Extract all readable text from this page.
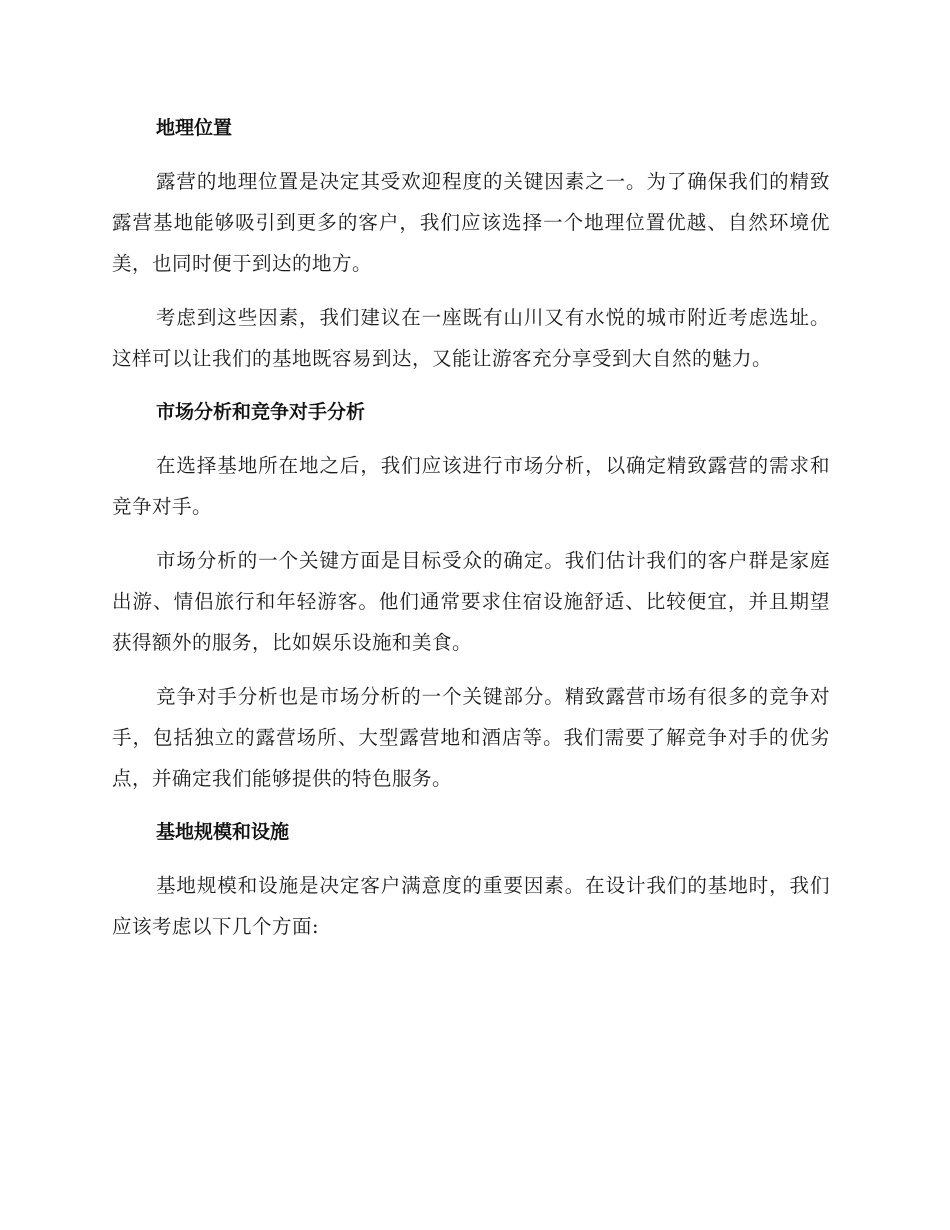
地理位置

露营的地理位置是决定其受欢迎程度的关键因素之一。为了确保我们的精致露营基地能够吸引到更多的客户，我们应该选择一个地理位置优越、自然环境优美，也同时便于到达的地方。

考虑到这些因素，我们建议在一座既有山川又有水悦的城市附近考虑选址。这样可以让我们的基地既容易到达，又能让游客充分享受到大自然的魅力。

市场分析和竞争对手分析

在选择基地所在地之后，我们应该进行市场分析，以确定精致露营的需求和竞争对手。

市场分析的一个关键方面是目标受众的确定。我们估计我们的客户群是家庭出游、情侣旅行和年轻游客。他们通常要求住宿设施舒适、比较便宜，并且期望获得额外的服务，比如娱乐设施和美食。

竞争对手分析也是市场分析的一个关键部分。精致露营市场有很多的竞争对手，包括独立的露营场所、大型露营地和酒店等。我们需要了解竞争对手的优劣点，并确定我们能够提供的特色服务。

基地规模和设施

基地规模和设施是决定客户满意度的重要因素。在设计我们的基地时，我们应该考虑以下几个方面:
